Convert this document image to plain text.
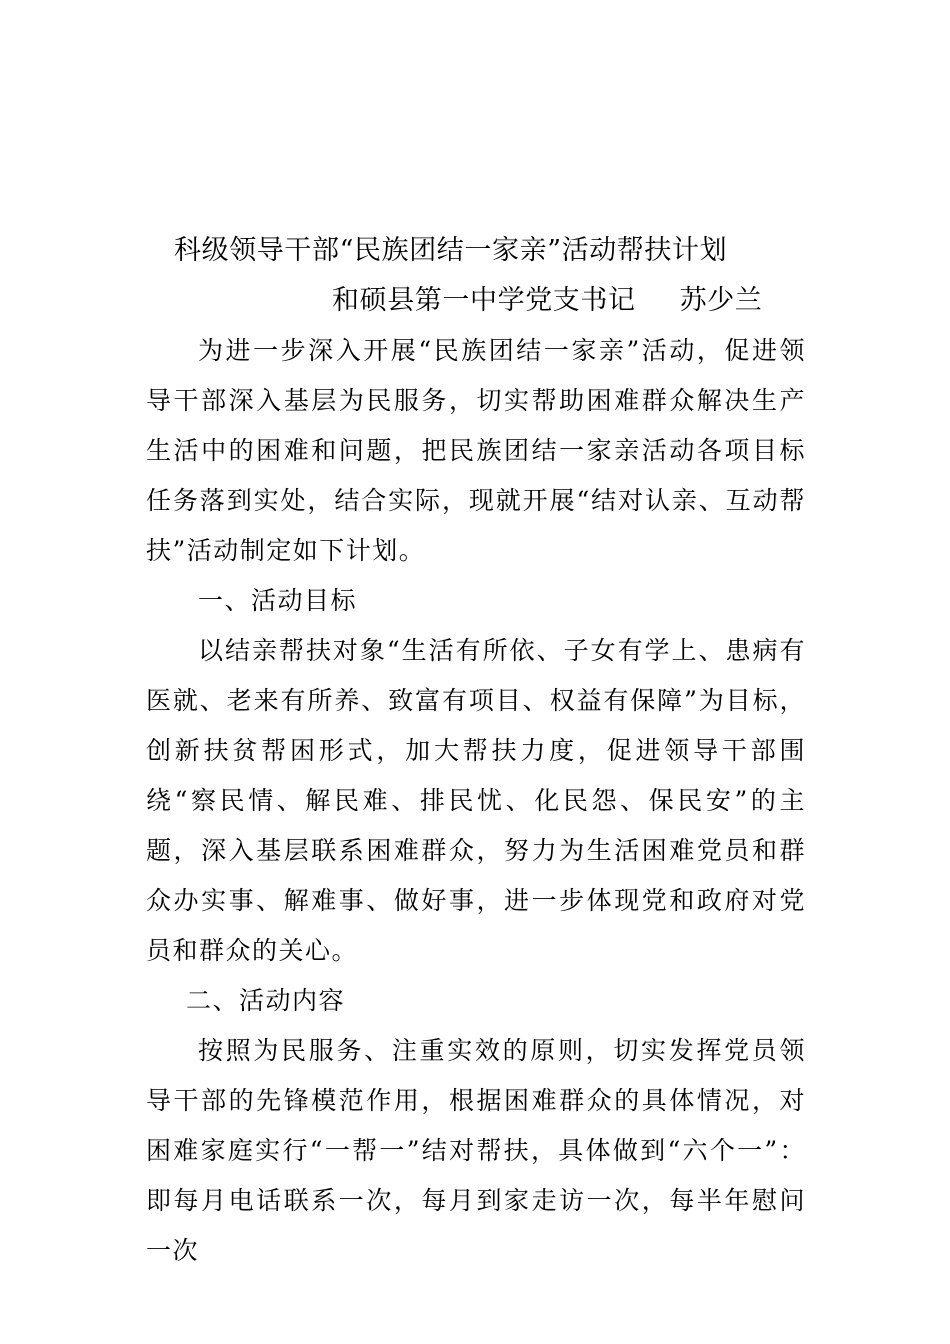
科级领导干部“民族团结一家亲”活动帮扶计划

和硕县第一中学党支书记 苏少兰

为进一步深入开展“民族团结一家亲”活动，促进领导干部深入基层为民服务，切实帮助困难群众解决生产生活中的困难和问题，把民族团结一家亲活动各项目标任务落到实处，结合实际，现就开展“结对认亲、互动帮扶”活动制定如下计划。

一、活动目标

以结亲帮扶对象“生活有所依、子女有学上、患病有医就、老来有所养、致富有项目、权益有保障”为目标，创新扶贫帮困形式，加大帮扶力度，促进领导干部围绕“察民情、解民难、排民忧、化民怨、保民安”的主题，深入基层联系困难群众，努力为生活困难党员和群众办实事、解难事、做好事，进一步体现党和政府对党员和群众的关心。

二、活动内容

按照为民服务、注重实效的原则，切实发挥党员领导干部的先锋模范作用，根据困难群众的具体情况，对困难家庭实行“一帮一”结对帮扶，具体做到“六个一”：即每月电话联系一次，每月到家走访一次，每半年慰问一次
